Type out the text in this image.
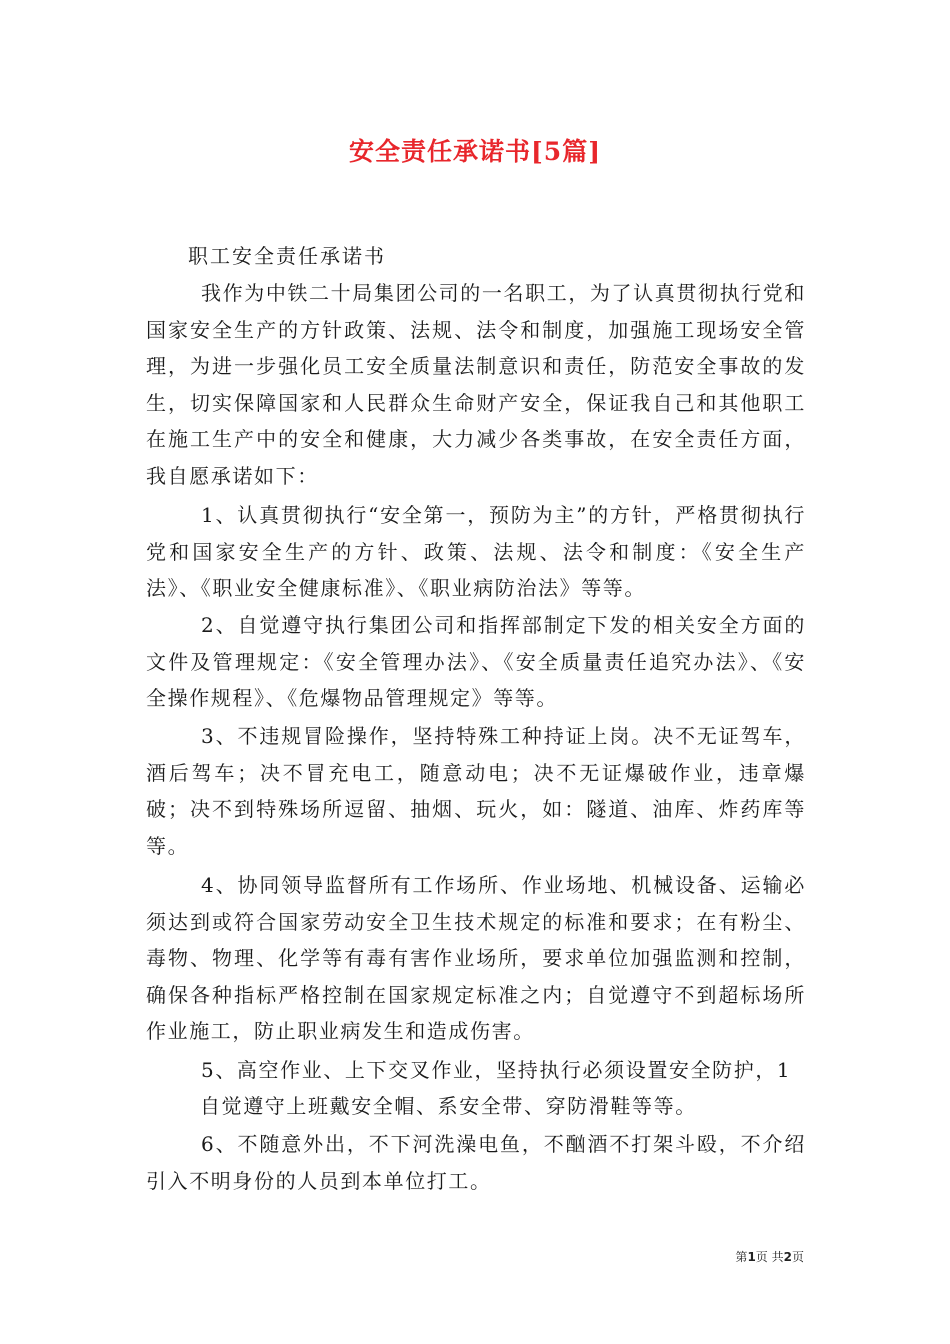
安全责任承诺书[5篇]
职工安全责任承诺书
我作为中铁二十局集团公司的一名职工，为了认真贯彻执行党和国家安全生产的方针政策、法规、法令和制度，加强施工现场安全管理，为进一步强化员工安全质量法制意识和责任，防范安全事故的发生，切实保障国家和人民群众生命财产安全，保证我自己和其他职工在施工生产中的安全和健康，大力减少各类事故，在安全责任方面，我自愿承诺如下：
1、认真贯彻执行“安全第一，预防为主”的方针，严格贯彻执行党和国家安全生产的方针、政策、法规、法令和制度：《安全生产法》、《职业安全健康标准》、《职业病防治法》等等。
2、自觉遵守执行集团公司和指挥部制定下发的相关安全方面的文件及管理规定：《安全管理办法》、《安全质量责任追究办法》、《安全操作规程》、《危爆物品管理规定》等等。
3、不违规冒险操作，坚持特殊工种持证上岗。决不无证驾车，酒后驾车；决不冒充电工，随意动电；决不无证爆破作业，违章爆破；决不到特殊场所逗留、抽烟、玩火，如：隧道、油库、炸药库等等。
4、协同领导监督所有工作场所、作业场地、机械设备、运输必须达到或符合国家劳动安全卫生技术规定的标准和要求；在有粉尘、毒物、物理、化学等有毒有害作业场所，要求单位加强监测和控制，确保各种指标严格控制在国家规定标准之内；自觉遵守不到超标场所作业施工，防止职业病发生和造成伤害。
5、高空作业、上下交叉作业，坚持执行必须设置安全防护，1
自觉遵守上班戴安全帽、系安全带、穿防滑鞋等等。
6、不随意外出，不下河洗澡电鱼，不酗酒不打架斗殴，不介绍引入不明身份的人员到本单位打工。
第1页 共2页
